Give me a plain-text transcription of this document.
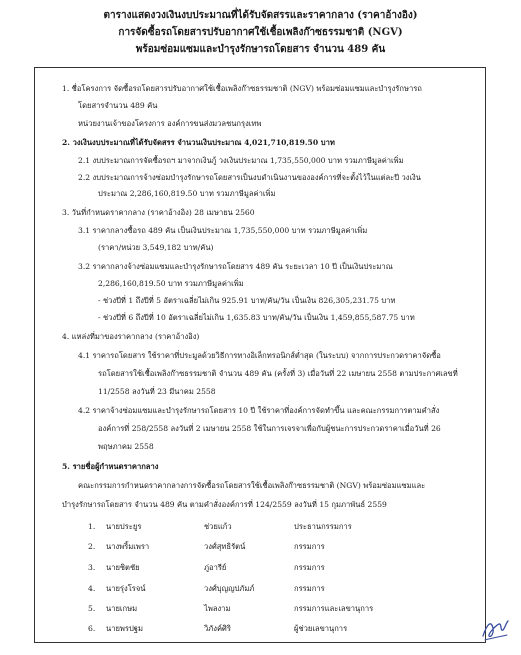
ตารางแสดงวงเงินงบประมาณที่ได้รับจัดสรรและราคากลาง (ราคาอ้างอิง)
การจัดซื้อรถโดยสารปรับอากาศใช้เชื้อเพลิงก๊าซธรรมชาติ (NGV)
พร้อมซ่อมแซมและบำรุงรักษารถโดยสาร จำนวน 489 คัน
1. ชื่อโครงการ จัดซื้อรถโดยสารปรับอากาศใช้เชื้อเพลิงก๊าซธรรมชาติ (NGV) พร้อมซ่อมแซมและบำรุงรักษารถ
โดยสารจำนวน 489 คัน
หน่วยงานเจ้าของโครงการ องค์การขนส่งมวลชนกรุงเทพ
2. วงเงินงบประมาณที่ได้รับจัดสรร จำนวนเงินประมาณ 4,021,710,819.50 บาท
2.1 งบประมาณการจัดซื้อรถฯ มาจากเงินกู้ วงเงินประมาณ 1,735,550,000 บาท รวมภาษีมูลค่าเพิ่ม
2.2 งบประมาณการจ้างซ่อมบำรุงรักษารถโดยสารเป็นงบดำเนินงานขององค์การที่จะตั้งไว้ในแต่ละปี วงเงิน
ประมาณ 2,286,160,819.50 บาท รวมภาษีมูลค่าเพิ่ม
3. วันที่กำหนดราคากลาง (ราคาอ้างอิง) 28 เมษายน 2560
3.1 ราคากลางซื้อรถ 489 คัน เป็นเงินประมาณ 1,735,550,000 บาท รวมภาษีมูลค่าเพิ่ม
(ราคา/หน่วย 3,549,182 บาท/คัน)
3.2 ราคากลางจ้างซ่อมแซมและบำรุงรักษารถโดยสาร 489 คัน ระยะเวลา 10 ปี เป็นเงินประมาณ
2,286,160,819.50 บาท รวมภาษีมูลค่าเพิ่ม
- ช่วงปีที่ 1 ถึงปีที่ 5 อัตราเฉลี่ยไม่เกิน 925.91 บาท/คัน/วัน เป็นเงิน 826,305,231.75 บาท
- ช่วงปีที่ 6 ถึงปีที่ 10 อัตราเฉลี่ยไม่เกิน 1,635.83 บาท/คัน/วัน เป็นเงิน 1,459,855,587.75 บาท
4. แหล่งที่มาของราคากลาง (ราคาอ้างอิง)
4.1 ราคารถโดยสาร ใช้ราคาที่ประมูลด้วยวิธีการทางอิเล็กทรอนิกส์ต่ำสุด (ในระบบ) จากการประกวดราคาจัดซื้อ
รถโดยสารใช้เชื้อเพลิงก๊าซธรรมชาติ จำนวน 489 คัน (ครั้งที่ 3) เมื่อวันที่ 22 เมษายน 2558 ตามประกาศเลขที่
11/2558 ลงวันที่ 23 มีนาคม 2558
4.2 ราคาจ้างซ่อมแซมและบำรุงรักษารถโดยสาร 10 ปี ใช้ราคาที่องค์การจัดทำขึ้น และคณะกรรมการตามคำสั่ง
องค์การที่ 258/2558 ลงวันที่ 2 เมษายน 2558 ใช้ในการเจรจาเพื่อกับผู้ชนะการประกวดราคาเมื่อวันที่ 26
พฤษภาคม 2558
5. รายชื่อผู้กำหนดราคากลาง
คณะกรรมการกำหนดราคากลางการจัดซื้อรถโดยสารใช้เชื้อเพลิงก๊าซธรรมชาติ (NGV) พร้อมซ่อมแซมและ
บำรุงรักษารถโดยสาร จำนวน 489 คัน ตามคำสั่งองค์การที่ 124/2559 ลงวันที่ 15 กุมภาพันธ์ 2559
1. นายประยูร	ช่วยแก้ว	ประธานกรรมการ
2. นางพริ้มเพรา	วงศ์สุทธิรัตน์	กรรมการ
3. นายชิตชัย	ภู่อารีย์	กรรมการ
4. นายรุ่งโรจน์	วงศ์บุญญปภัมภ์	กรรมการ
5. นายเกษม	ไพลงาม	กรรมการและเลขานุการ
6. นายพรปฐม	วิภังค์ศิริ	ผู้ช่วยเลขานุการ
